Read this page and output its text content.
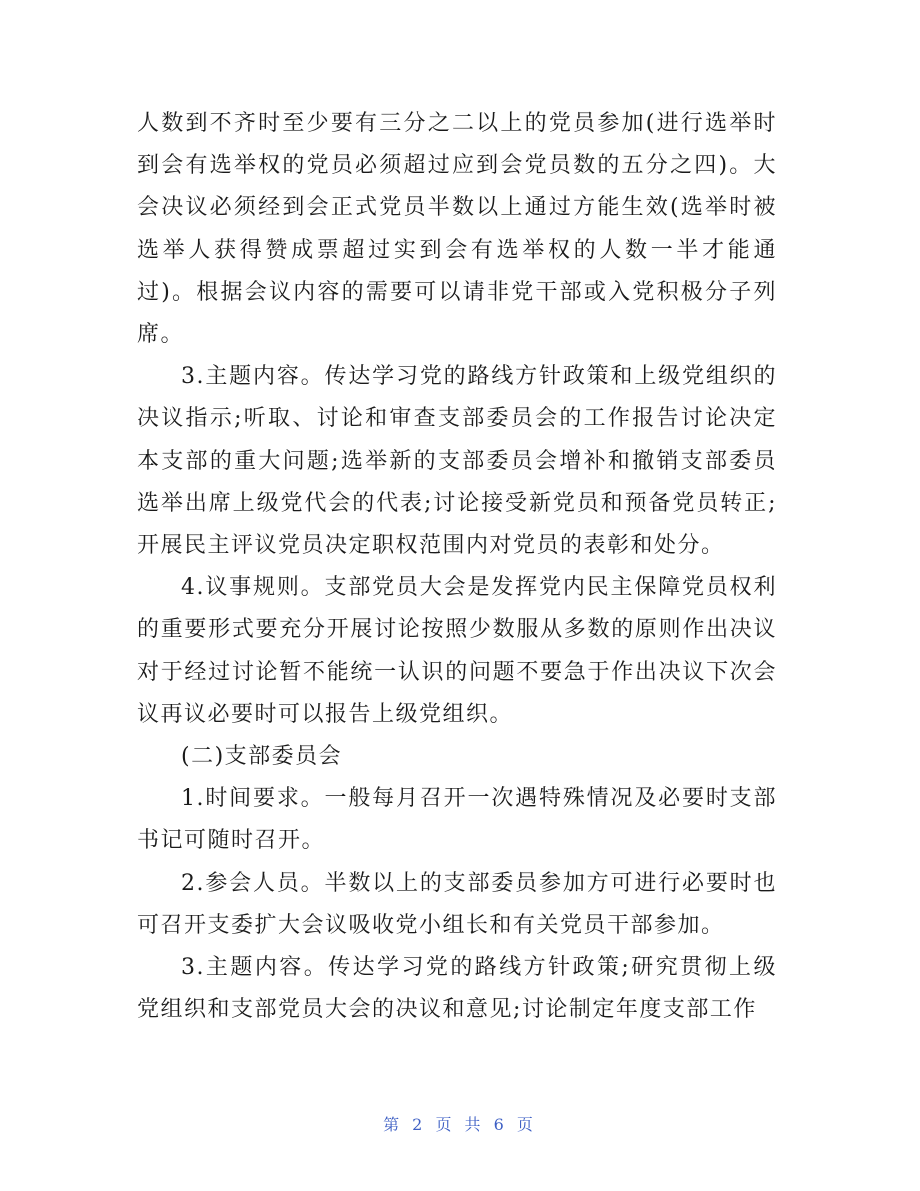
人数到不齐时至少要有三分之二以上的党员参加(进行选举时到会有选举权的党员必须超过应到会党员数的五分之四)。大会决议必须经到会正式党员半数以上通过方能生效(选举时被选举人获得赞成票超过实到会有选举权的人数一半才能通过)。根据会议内容的需要可以请非党干部或入党积极分子列席。

3.主题内容。传达学习党的路线方针政策和上级党组织的决议指示;听取、讨论和审查支部委员会的工作报告讨论决定本支部的重大问题;选举新的支部委员会增补和撤销支部委员选举出席上级党代会的代表;讨论接受新党员和预备党员转正;开展民主评议党员决定职权范围内对党员的表彰和处分。

4.议事规则。支部党员大会是发挥党内民主保障党员权利的重要形式要充分开展讨论按照少数服从多数的原则作出决议对于经过讨论暂不能统一认识的问题不要急于作出决议下次会议再议必要时可以报告上级党组织。

(二)支部委员会

1.时间要求。一般每月召开一次遇特殊情况及必要时支部书记可随时召开。

2.参会人员。半数以上的支部委员参加方可进行必要时也可召开支委扩大会议吸收党小组长和有关党员干部参加。

3.主题内容。传达学习党的路线方针政策;研究贯彻上级党组织和支部党员大会的决议和意见;讨论制定年度支部工作

第 2 页 共 6 页
